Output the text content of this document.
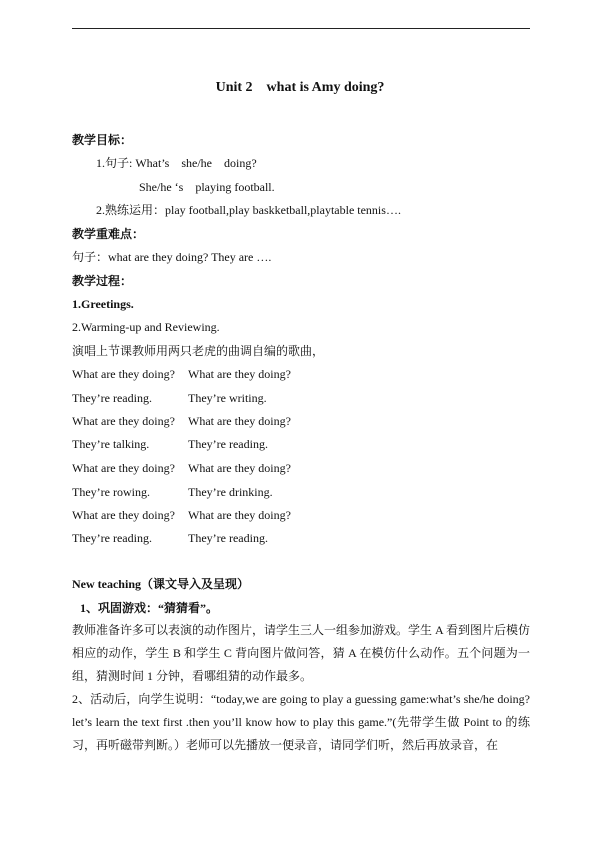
Unit 2    what is Amy doing?
教学目标：
1.句子: What’s    she/he    doing?
She/he ‘s    playing football.
2.熟练运用：play football,play baskketball,playtable tennis….
教学重难点：
句子：what are they doing? They are ….
教学过程：
1.Greetings.
2.Warming-up and Reviewing.
演唱上节课教师用两只老虎的曲调自编的歌曲，
What are they doing? What are they doing?
They’re reading.	They’re writing.
What are they doing? What are they doing?
They’re talking.	They’re reading.
What are they doing? What are they doing?
They’re rowing.	They’re drinking.
What are they doing? What are they doing?
They’re reading.	They’re reading.
New teaching（课文导入及呈现）
1、巩固游戏：“猜猜看”。
教师准备许多可以表演的动作图片，请学生三人一组参加游戏。学生 A 看到图片后模仿相应的动作，学生 B 和学生 C 背向图片做问答，猜 A 在模仿什么动作。五个问题为一组，猜测时间 1 分钟，看哪组猜的动作最多。
2、活动后，向学生说明：“today,we are going to play a guessing game:what’s she/he doing?let’s learn the text first .then you’ll know how to play this game.”(先带学生做 Point to 的练习，再听磁带判断。）老师可以先播放一便录音，请同学们听，然后再放录音，在
